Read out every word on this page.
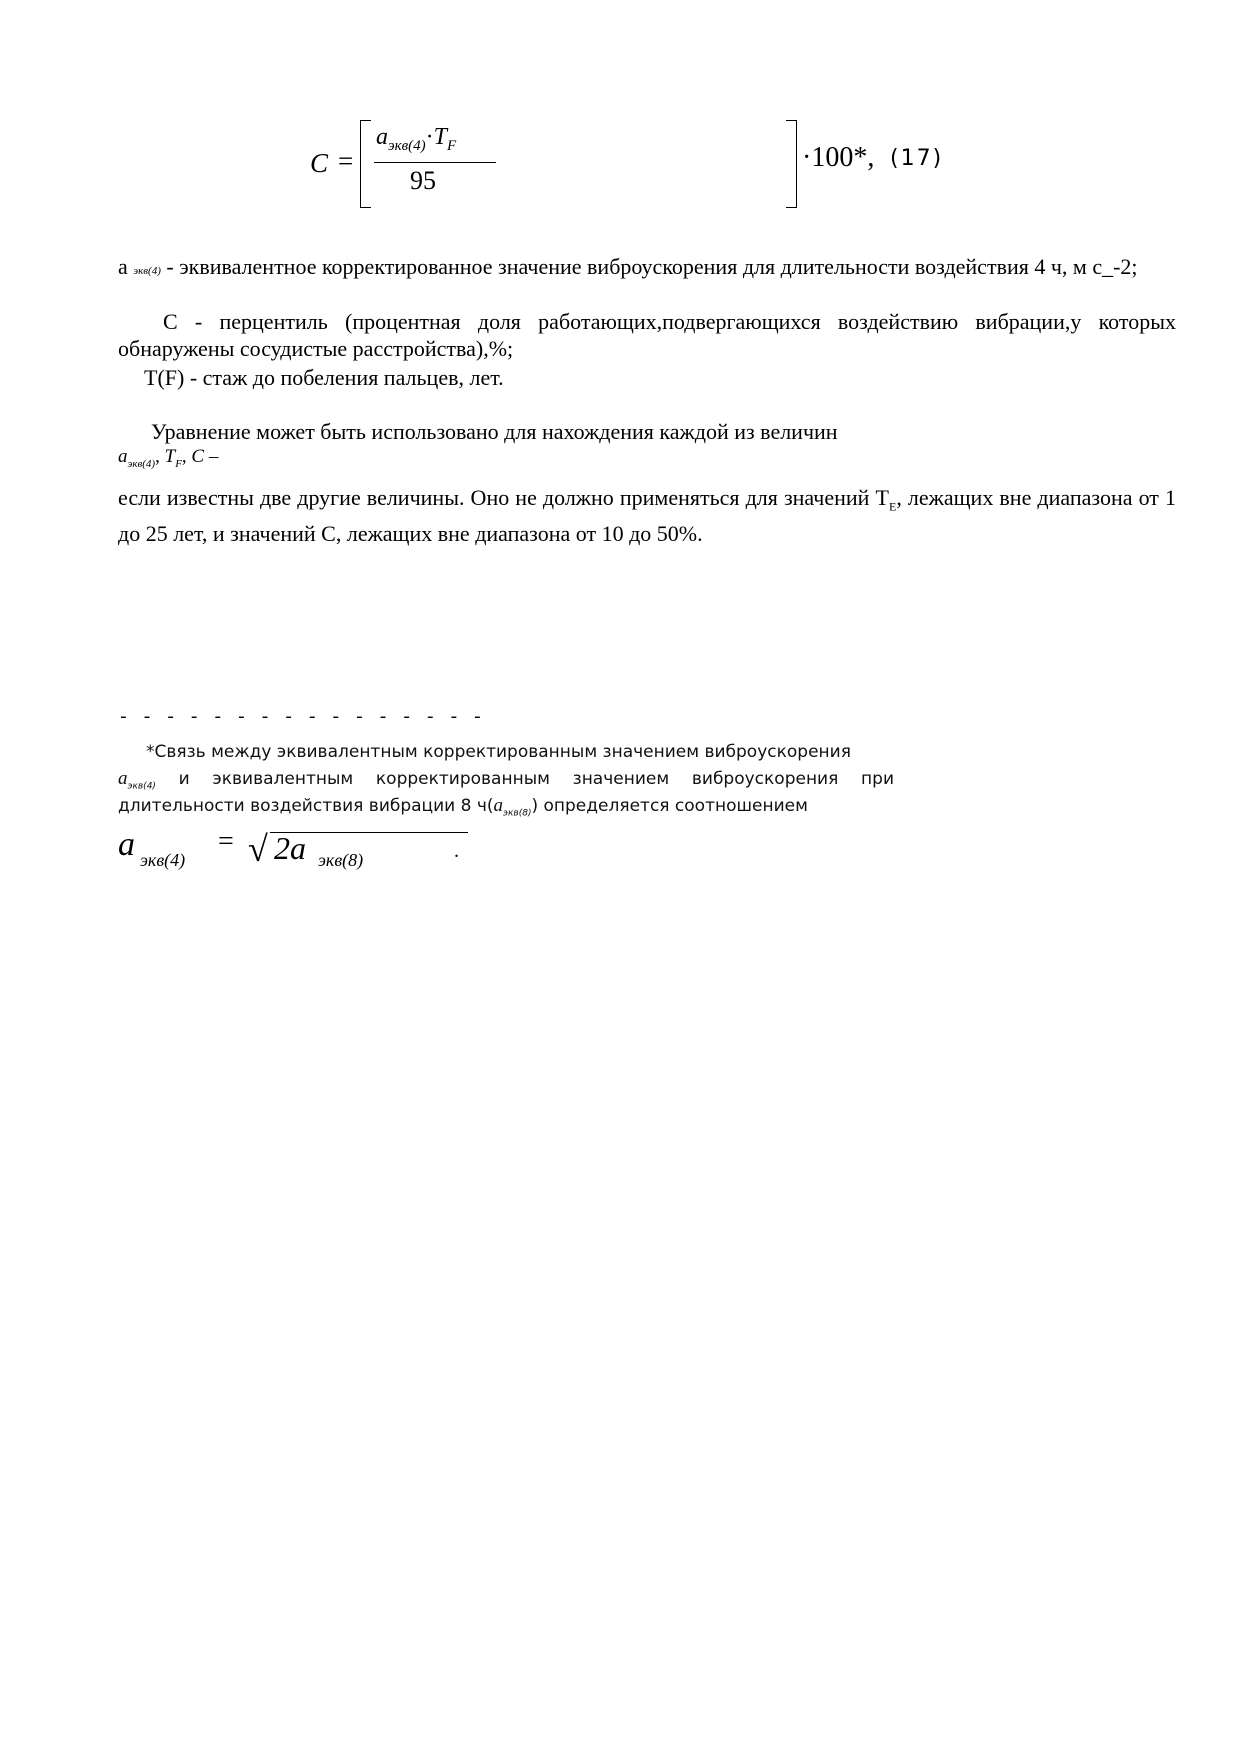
C =
$a_{экв(4)}\cdot T_F$
95
·100*, (17)

а экв(4) - эквивалентное корректированное значение виброускорения для длительности воздействия 4 ч, м с_-2;

С - перцентиль (процентная доля работающих,подвергающихся воздействию вибрации,у которых обнаружены сосудистые расстройства),%;

T(F) - стаж до побеления пальцев, лет.

Уравнение может быть использовано для нахождения каждой из величин

$a_{экв(4)}$, $T_F$, C –

если известны две другие величины. Оно не должно применяться для значений $T_E$, лежащих вне диапазона от 1 до 25 лет, и значений С, лежащих вне диапазона от 10 до 50%.

- - - - - - - - - - - - - - - -
*Связь между эквивалентным корректированным значением виброускорения
$a_{экв(4)}$ и эквивалентным корректированным значением виброускорения при
длительности воздействия вибрации 8 $ч(a_{экв(8)})$ определяется соотношением
a экв(4)
= √ 2a экв(8)	.
